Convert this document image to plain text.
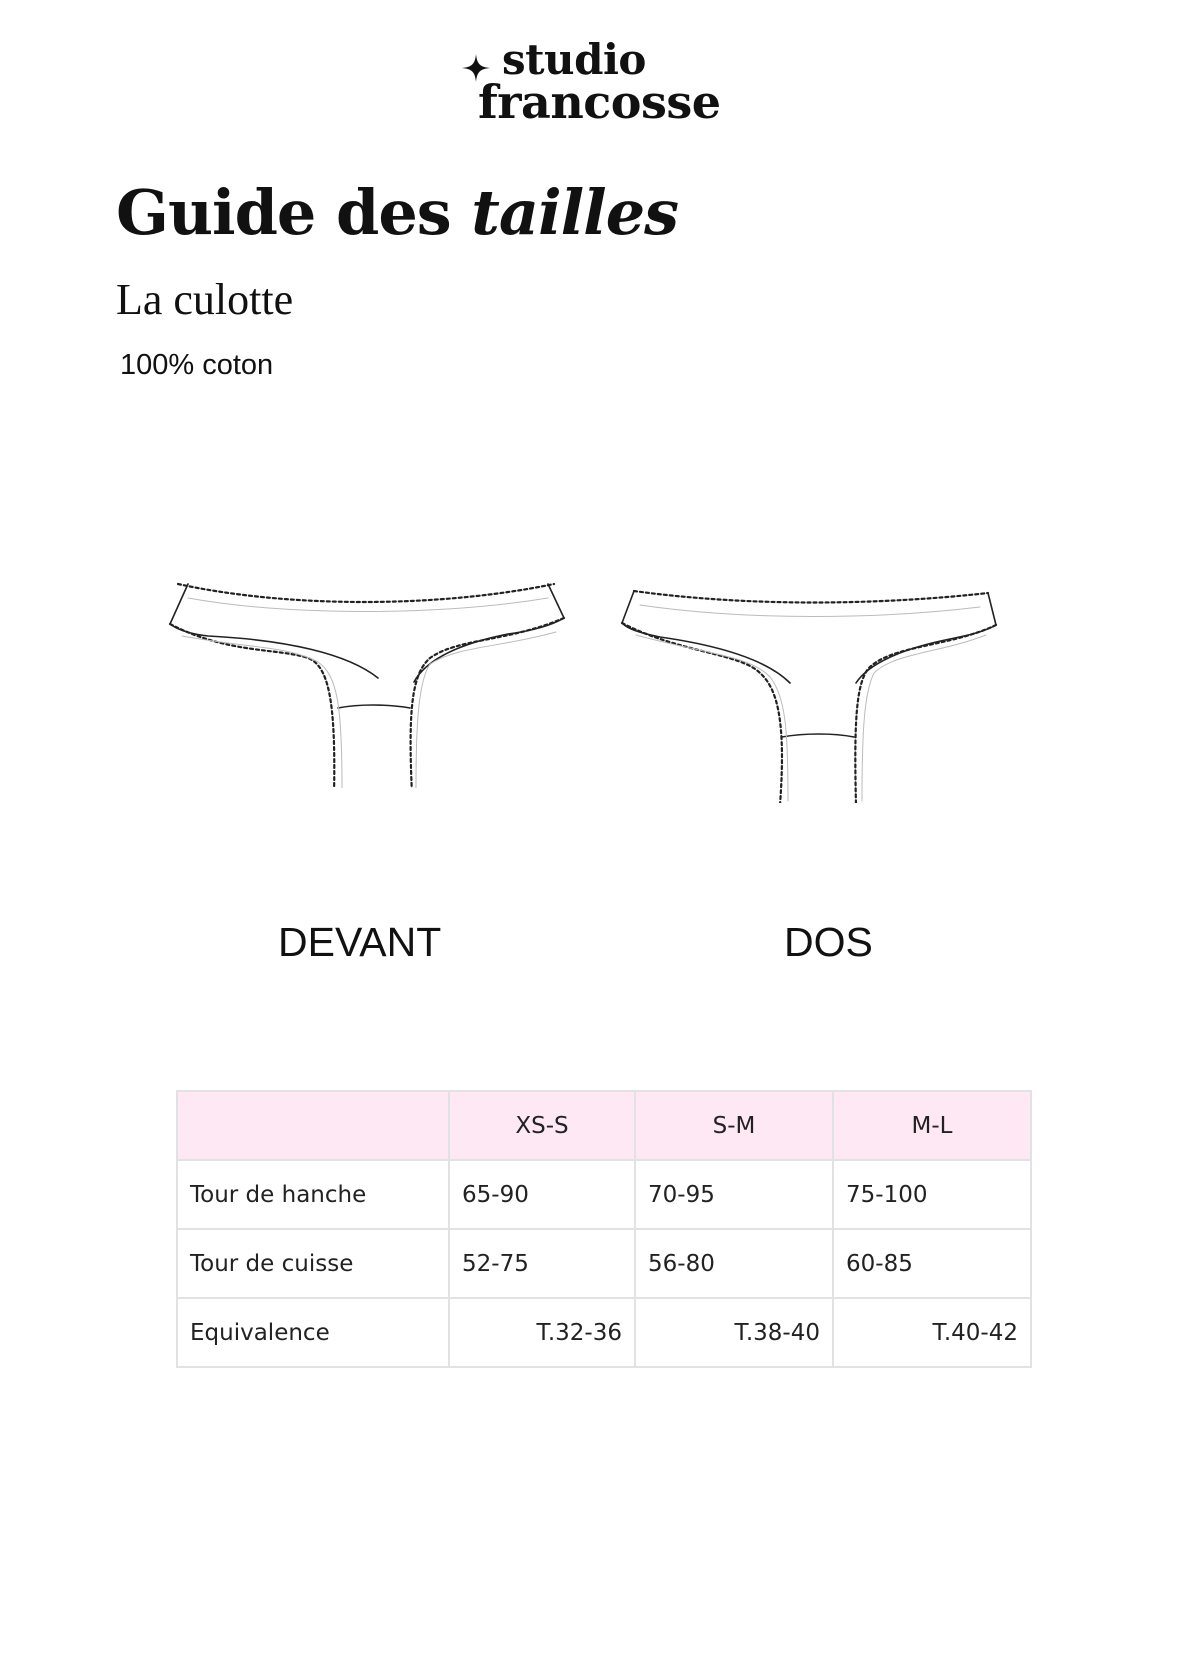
studio
francosse
Guide des tailles
La culotte
100% coton
DEVANT	DOS
	XS-S	S-M	M-L
Tour de hanche	65-90	70-95	75-100
Tour de cuisse	52-75	56-80	60-85
Equivalence	T.32-36	T.38-40	T.40-42
